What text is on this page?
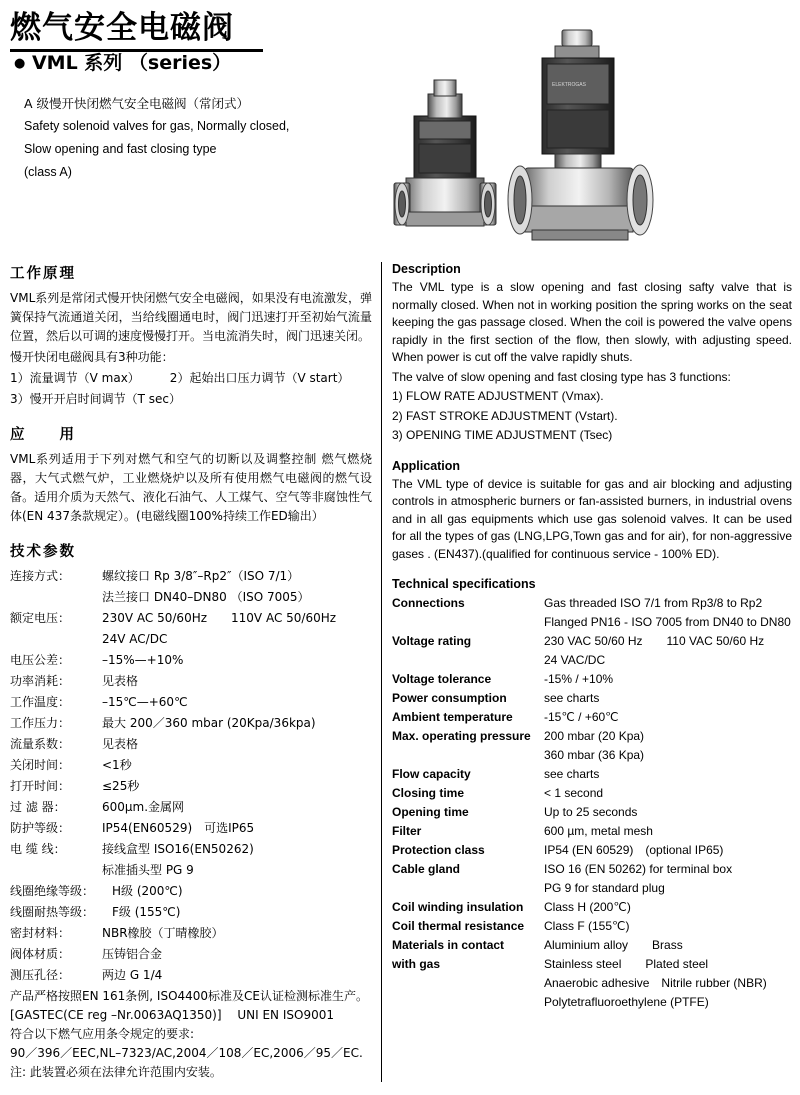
燃气安全电磁阀
● VML 系列 （series）
A 级慢开快闭燃气安全电磁阀（常闭式）
Safety solenoid valves for gas, Normally closed,
Slow opening and fast closing type
(class A)
ELEKTROGAS
工作原理

VML系列是常闭式慢开快闭燃气安全电磁阀，如果没有电流激发，弹簧保持气流通道关闭，当给线圈通电时，阀门迅速打开至初始气流量位置，然后以可调的速度慢慢打开。当电流消失时，阀门迅速关闭。

慢开快闭电磁阀具有3种功能：

1）流量调节（V max）　　　2）起始出口压力调节（V start）

3）慢开开启时间调节（T sec）

应　　用

VML系列适用于下列对燃气和空气的切断以及调整控制 燃气燃烧器，大气式燃气炉，工业燃烧炉以及所有使用燃气电磁阀的燃气设备。适用介质为天然气、液化石油气、人工煤气、空气等非腐蚀性气体(EN 437条款规定）。(电磁线圈100%持续工作ED输出）

技术参数
连接方式：	螺纹接口 Rp 3/8″–Rp2″（ISO 7/1）
	法兰接口 DN40–DN80 （ISO 7005）
额定电压：	230V AC 50/60Hz　　110V AC 50/60Hz
	24V AC/DC
电压公差：	–15%—+10%
功率消耗：	见表格
工作温度：	–15℃—+60℃
工作压力：	最大 200／360 mbar (20Kpa/36kpa)
流量系数：	见表格
关闭时间：	<1秒
打开时间：	≤25秒
过 滤 器：	600μm.金属网
防护等级：	IP54(EN60529)　可选IP65
电 缆 线：	接线盒型 ISO16(EN50262)
	标准插头型 PG 9
线圈绝缘等级：	H级 (200℃)
线圈耐热等级：	F级 (155℃)
密封材料：	NBR橡胶（丁晴橡胶）
阀体材质：	压铸铝合金
测压孔径：	两边 G 1/4
产品严格按照EN 161条例, ISO4400标准及CE认证检测标准生产。
[GASTEC(CE reg –Nr.0063AQ1350)]　 UNI EN ISO9001
符合以下燃气应用条令规定的要求:
90／396／EEC,NL–7323/AC,2004／108／EC,2006／95／EC.
注: 此装置必须在法律允许范围内安装。
Description

The VML type is a slow opening and fast closing safty valve that is normally closed. When not in working position the spring works on the seat keeping the gas passage closed. When the coil is powered the valve opens rapidly in the first section of the flow, then slowly, with adjusting speed. When power is cut off the valve rapidly shuts.

The valve of slow opening and fast closing type has 3 functions:

1) FLOW RATE ADJUSTMENT (Vmax).

2) FAST STROKE ADJUSTMENT (Vstart).

3) OPENING TIME ADJUSTMENT (Tsec)

Application

The VML type of device is suitable for gas and air blocking and adjusting controls in atmospheric burners or fan-assisted burners, in industrial ovens and in all gas equipments which use gas solenoid valves. It can be used for all the types of gas (LNG,LPG,Town gas and for air), for non-aggressive gases . (EN437).(qualified for continuous service - 100% ED).

Technical specifications
Connections	Gas threaded ISO 7/1 from Rp3/8 to Rp2
	Flanged PN16 - ISO 7005 from DN40 to DN80
Voltage rating	230 VAC 50/60 Hz　　110 VAC 50/60 Hz
	24 VAC/DC
Voltage tolerance	-15% / +10%
Power consumption	see charts
Ambient temperature	-15℃ / +60℃
Max. operating pressure	200 mbar (20 Kpa)
	360 mbar (36 Kpa)
Flow capacity	see charts
Closing time	< 1 second
Opening time	Up to 25 seconds
Filter	600 µm, metal mesh
Protection class	IP54 (EN 60529)　(optional IP65)
Cable gland	ISO 16 (EN 50262) for terminal box
	PG 9 for standard plug
Coil winding insulation	Class H (200℃)
Coil thermal resistance	Class F (155℃)
Materials in contact	Aluminium alloy　　Brass
with gas	Stainless steel　　Plated steel
	Anaerobic adhesive　Nitrile rubber (NBR)
	Polytetrafluoroethylene (PTFE)
